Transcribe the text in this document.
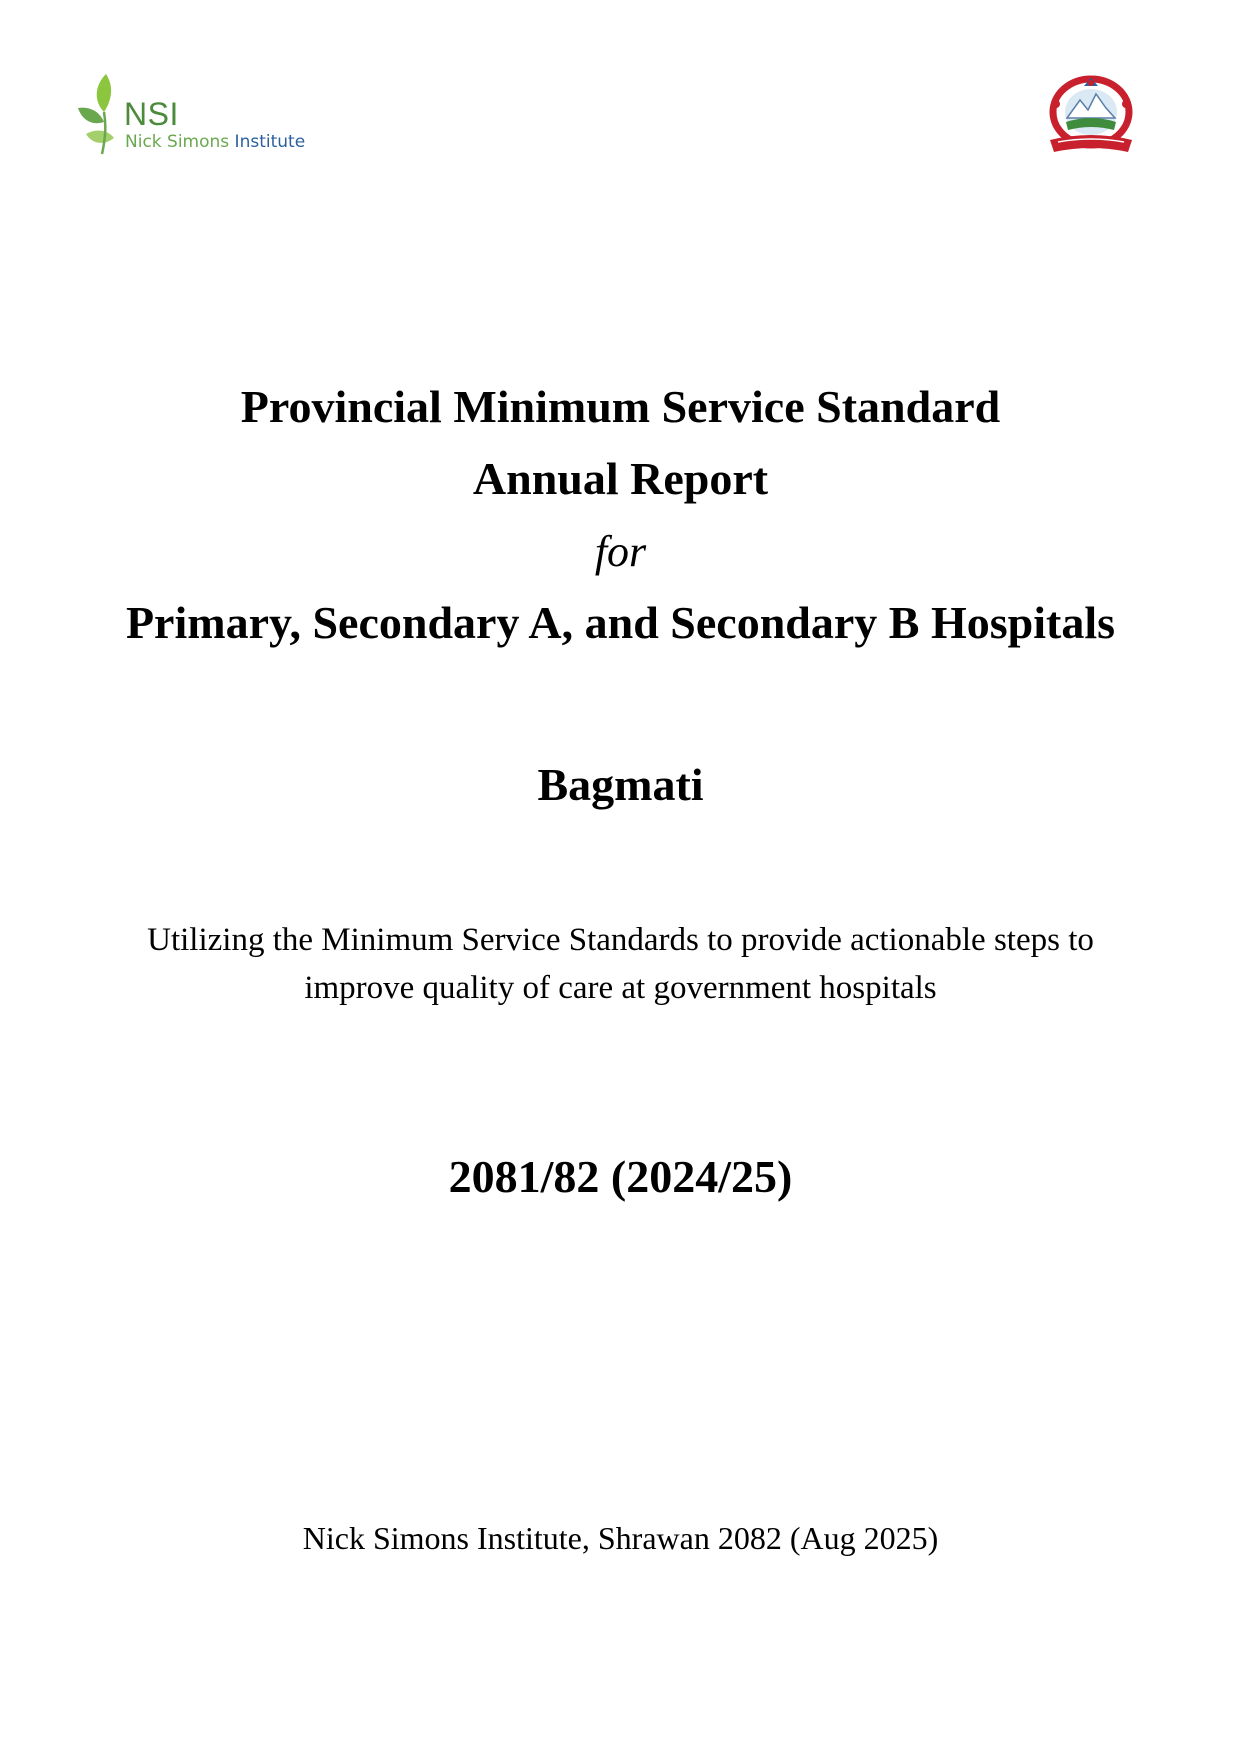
NSI
Nick Simons Institute
Provincial Minimum Service Standard
Annual Report
for
Primary, Secondary A, and Secondary B Hospitals
Bagmati
Utilizing the Minimum Service Standards to provide actionable steps to
improve quality of care at government hospitals
2081/82 (2024/25)
Nick Simons Institute, Shrawan 2082 (Aug 2025)
